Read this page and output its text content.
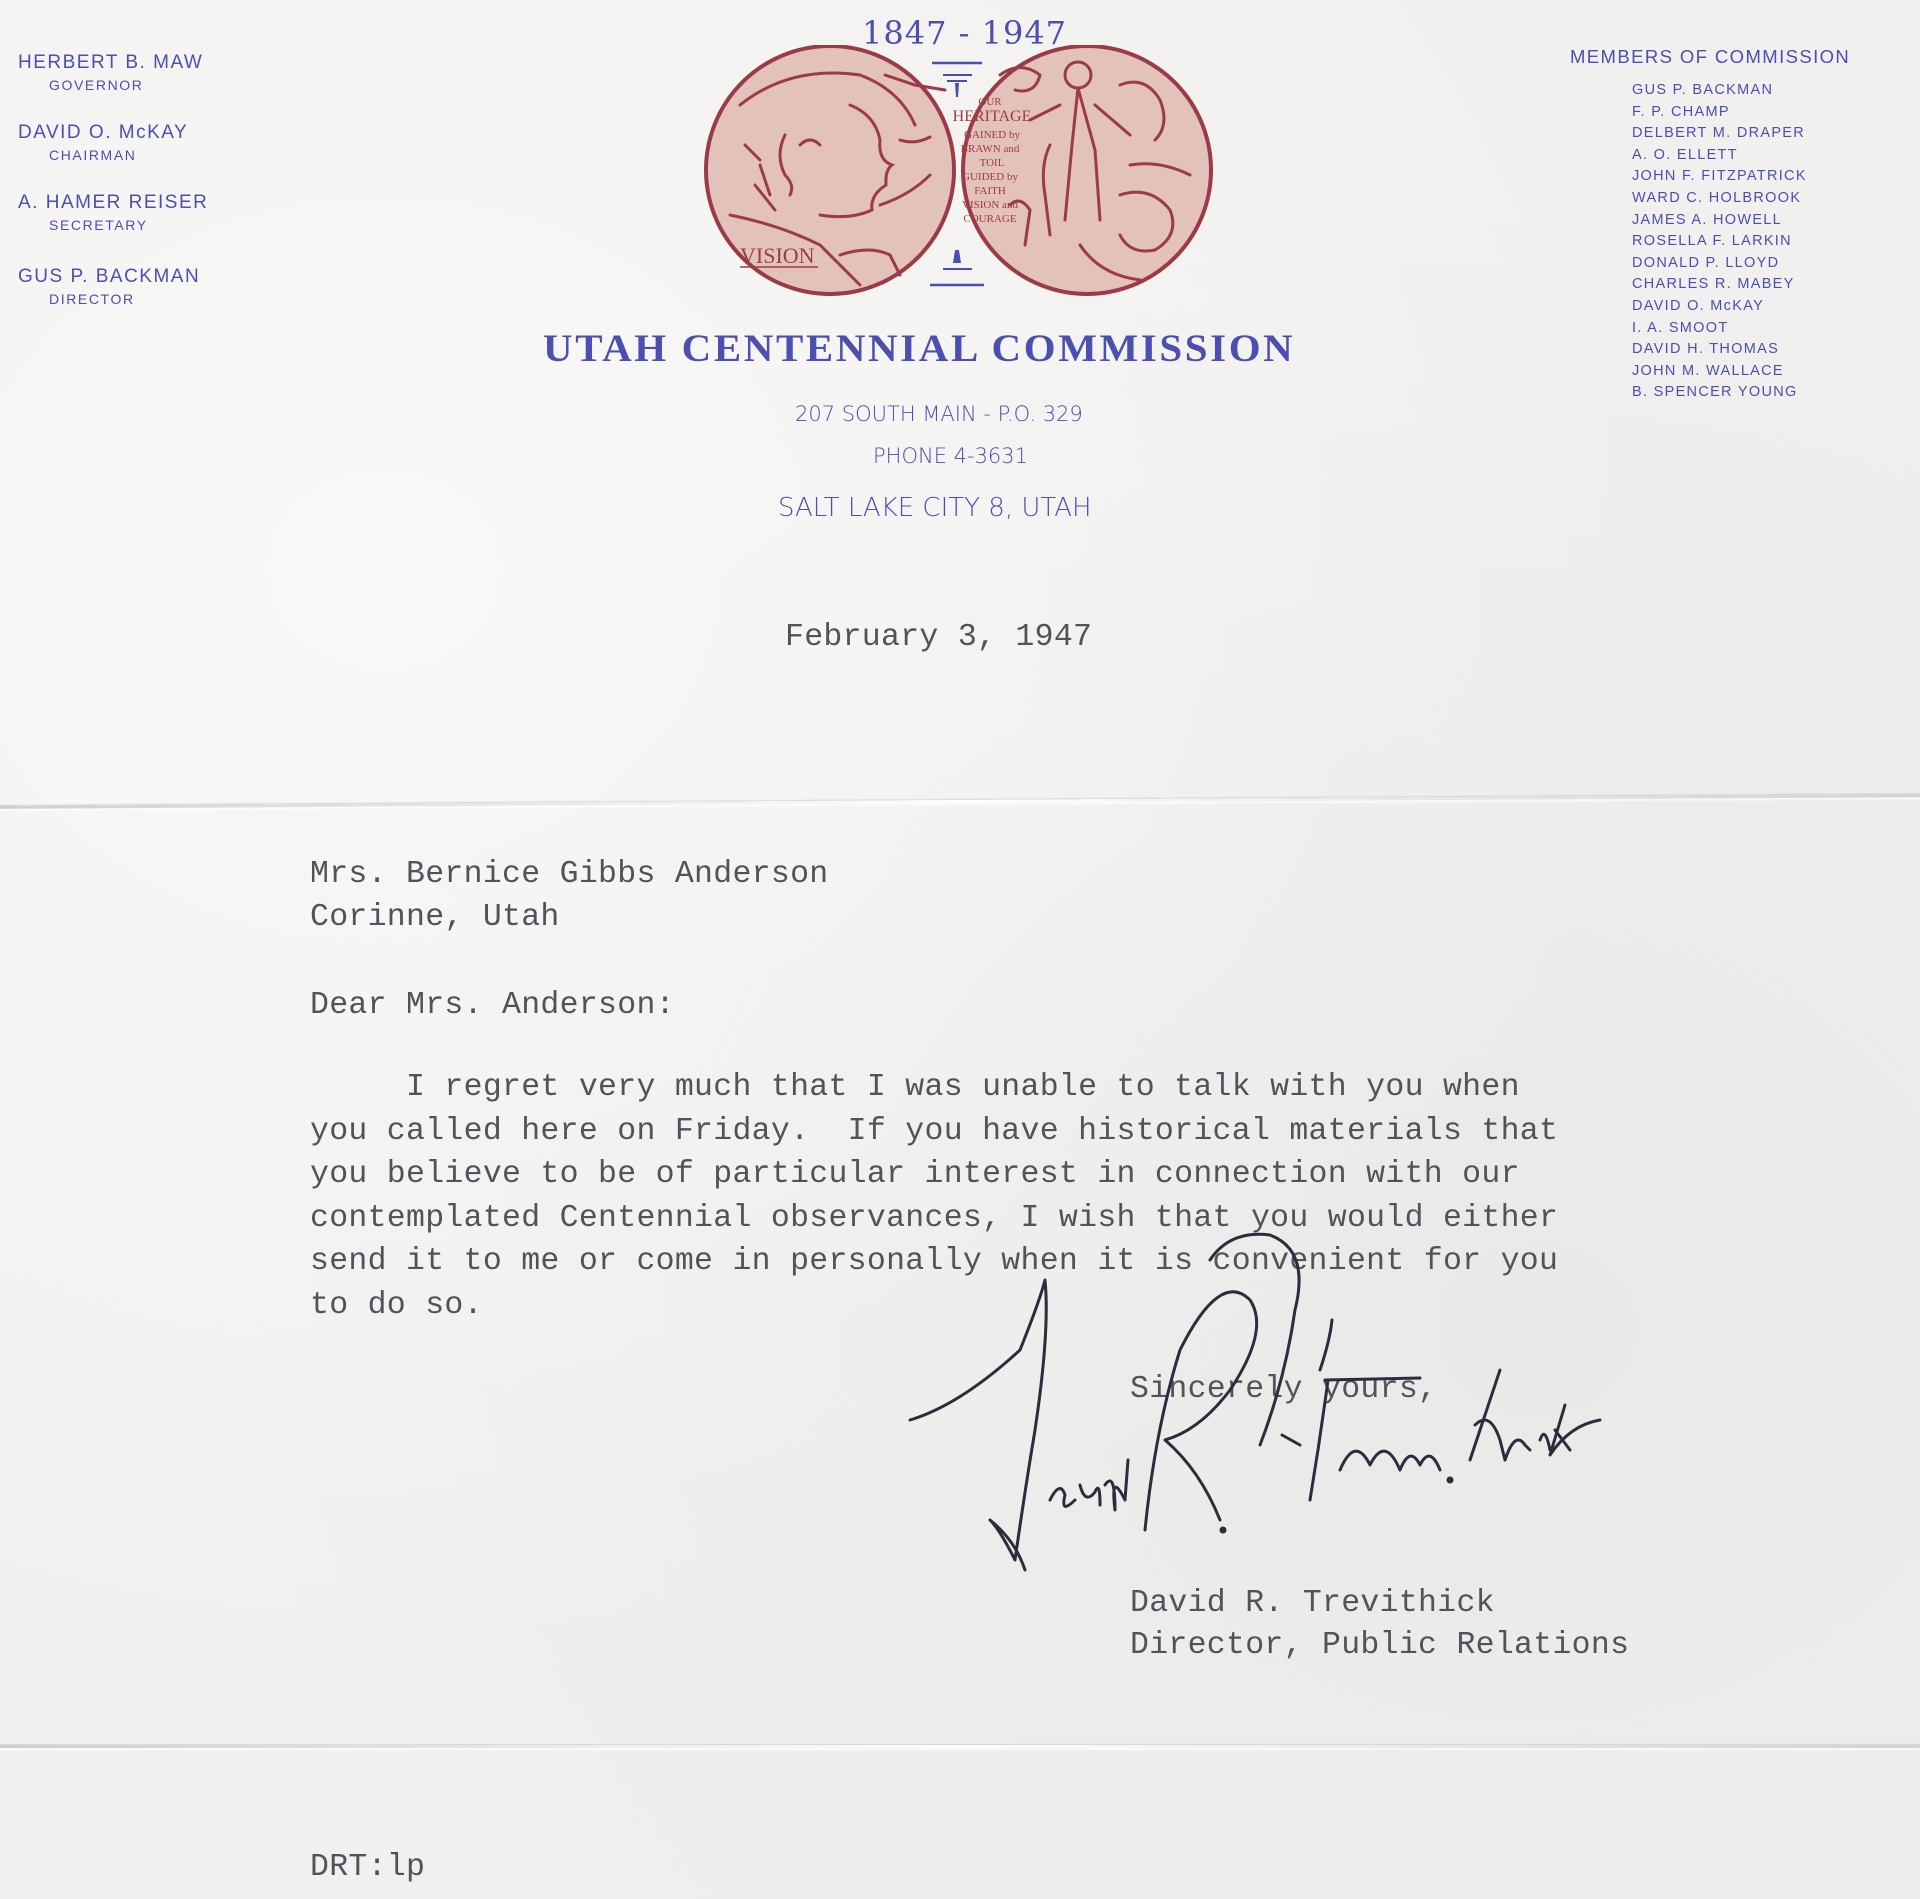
HERBERT B. MAW
GOVERNOR
DAVID O. McKAY
CHAIRMAN
A. HAMER REISER
SECRETARY
GUS P. BACKMAN
DIRECTOR
1847 - 1947
VISION
OUR
HERITAGE
GAINED by
BRAWN and
TOIL
GUIDED by
FAITH
VISION and
COURAGE
UTAH CENTENNIAL COMMISSION
207 SOUTH MAIN - P.O. 329
PHONE 4-3631
SALT LAKE CITY 8, UTAH
MEMBERS OF COMMISSION
GUS P. BACKMAN
F. P. CHAMP
DELBERT M. DRAPER
A. O. ELLETT
JOHN F. FITZPATRICK
WARD C. HOLBROOK
JAMES A. HOWELL
ROSELLA F. LARKIN
DONALD P. LLOYD
CHARLES R. MABEY
DAVID O. McKAY
I. A. SMOOT
DAVID H. THOMAS
JOHN M. WALLACE
B. SPENCER YOUNG
February 3, 1947
Mrs. Bernice Gibbs Anderson
Corinne, Utah
Dear Mrs. Anderson:
I regret very much that I was unable to talk with you when
you called here on Friday.  If you have historical materials that
you believe to be of particular interest in connection with our
contemplated Centennial observances, I wish that you would either
send it to me or come in personally when it is convenient for you
to do so.
Sincerely yours,
David R. Trevithick
Director, Public Relations
DRT:lp
